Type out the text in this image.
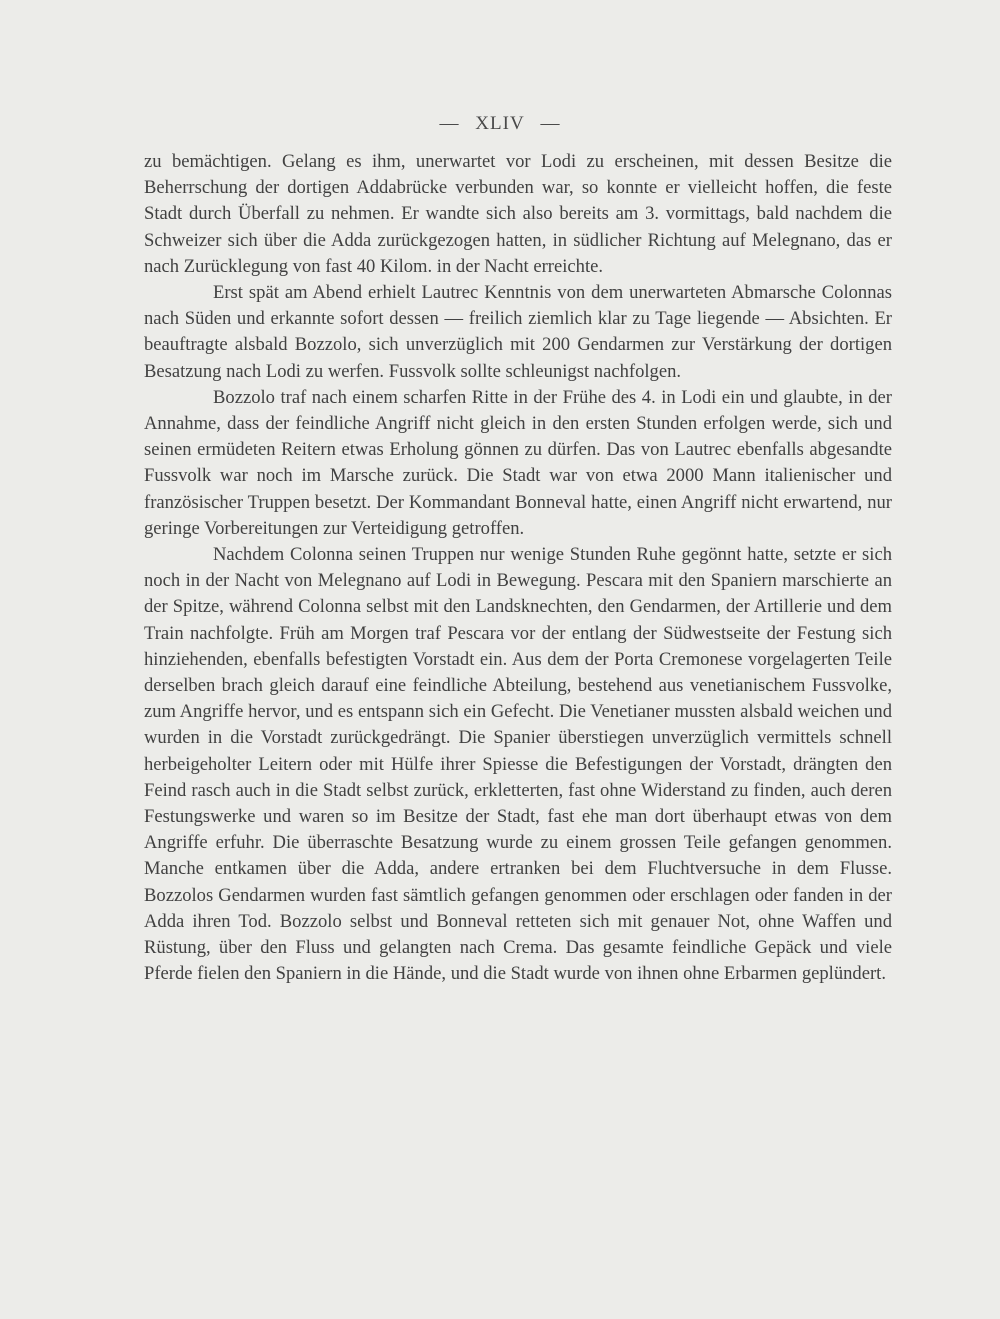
— XLIV —

zu bemächtigen. Gelang es ihm, unerwartet vor Lodi zu erscheinen, mit dessen Besitze die Beherrschung der dortigen Addabrücke verbunden war, so konnte er vielleicht hoffen, die feste Stadt durch Überfall zu nehmen. Er wandte sich also bereits am 3. vormittags, bald nachdem die Schweizer sich über die Adda zurückgezogen hatten, in südlicher Richtung auf Melegnano, das er nach Zurücklegung von fast 40 Kilom. in der Nacht erreichte.

Erst spät am Abend erhielt Lautrec Kenntnis von dem unerwarteten Abmarsche Colonnas nach Süden und erkannte sofort dessen — freilich ziemlich klar zu Tage liegende — Absichten. Er beauftragte alsbald Bozzolo, sich unverzüglich mit 200 Gendarmen zur Verstärkung der dortigen Besatzung nach Lodi zu werfen. Fussvolk sollte schleunigst nachfolgen.

Bozzolo traf nach einem scharfen Ritte in der Frühe des 4. in Lodi ein und glaubte, in der Annahme, dass der feindliche Angriff nicht gleich in den ersten Stunden erfolgen werde, sich und seinen ermüdeten Reitern etwas Erholung gönnen zu dürfen. Das von Lautrec ebenfalls abgesandte Fussvolk war noch im Marsche zurück. Die Stadt war von etwa 2000 Mann italienischer und französischer Truppen besetzt. Der Kommandant Bonneval hatte, einen Angriff nicht erwartend, nur geringe Vorbereitungen zur Verteidigung getroffen.

Nachdem Colonna seinen Truppen nur wenige Stunden Ruhe gegönnt hatte, setzte er sich noch in der Nacht von Melegnano auf Lodi in Bewegung. Pescara mit den Spaniern marschierte an der Spitze, während Colonna selbst mit den Landsknechten, den Gendarmen, der Artillerie und dem Train nachfolgte. Früh am Morgen traf Pescara vor der entlang der Südwestseite der Festung sich hinziehenden, ebenfalls befestigten Vorstadt ein. Aus dem der Porta Cremonese vorgelagerten Teile derselben brach gleich darauf eine feindliche Abteilung, bestehend aus venetianischem Fussvolke, zum Angriffe hervor, und es entspann sich ein Gefecht. Die Venetianer mussten alsbald weichen und wurden in die Vorstadt zurückgedrängt. Die Spanier überstiegen unverzüglich vermittels schnell herbeigeholter Leitern oder mit Hülfe ihrer Spiesse die Befestigungen der Vorstadt, drängten den Feind rasch auch in die Stadt selbst zurück, erkletterten, fast ohne Widerstand zu finden, auch deren Festungswerke und waren so im Besitze der Stadt, fast ehe man dort überhaupt etwas von dem Angriffe erfuhr. Die überraschte Besatzung wurde zu einem grossen Teile gefangen genommen. Manche entkamen über die Adda, andere ertranken bei dem Fluchtversuche in dem Flusse. Bozzolos Gendarmen wurden fast sämtlich gefangen genommen oder erschlagen oder fanden in der Adda ihren Tod. Bozzolo selbst und Bonneval retteten sich mit genauer Not, ohne Waffen und Rüstung, über den Fluss und gelangten nach Crema. Das gesamte feindliche Gepäck und viele Pferde fielen den Spaniern in die Hände, und die Stadt wurde von ihnen ohne Erbarmen geplündert.
